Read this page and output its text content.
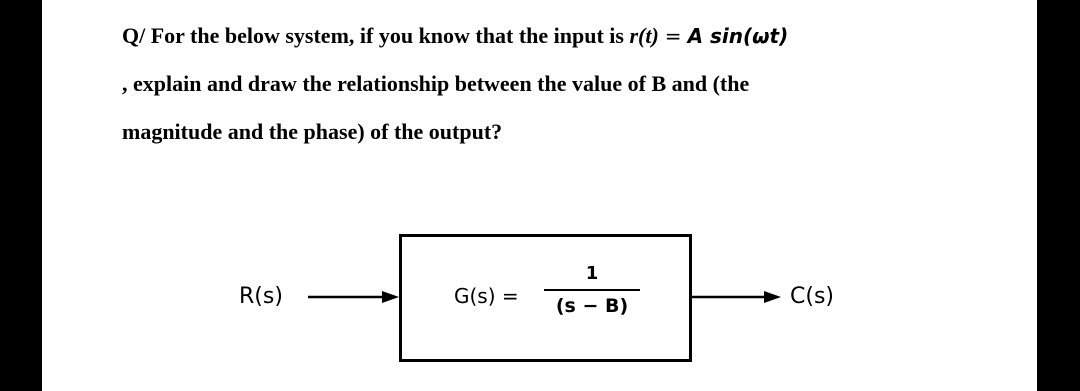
Q/ For the below system, if you know that the input is r(t) = A sin(ωt)
, explain and draw the relationship between the value of B and (the
magnitude and the phase) of the output?
R(s)	G(s) =
1
(s − B)	C(s)
